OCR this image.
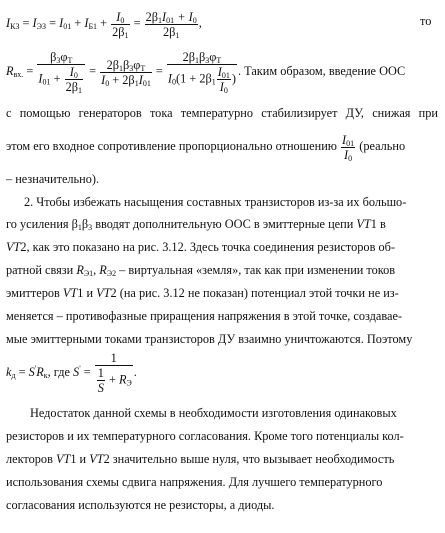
$I_{КЗ} = I_{ЭЗ} = I_{01} + I_{Б1} + \frac{I_0}{2\beta_1} = \frac{2\beta_1I_{01} + I_0}{2\beta_1}$ ,	то
$R_{вх.} = \frac{\beta_3\varphi_T}{I_{01} + \frac{I_0}{2\beta_1}} = \frac{2\beta_1\beta_3\varphi_T}{I_0 + 2\beta_1I_{01}} = \frac{2\beta_1\beta_3\varphi_T}{I_0(1 + 2\beta_1 \frac{I_{01}}{I_0} )}$ . Таким образом, введение ООС
с помощью генераторов тока температурно стабилизирует ДУ, снижая при
этом его входное сопротивление пропорционально отношению $\frac{I_{01}}{I_0}$ (реально
– незначительно).
2. Чтобы избежать насыщения составных транзисторов из-за их большо-
го усиления $\beta_1\beta_3$ вводят дополнительную ООС в эмиттерные цепи VT1 в
VT2, как это показано на рис. 3.12. Здесь точка соединения резисторов об-
ратной связи $R_{Э1}$, $R_{Э2}$ – виртуальная «земля», так как при изменении токов
эмиттеров VT1 и VT2 (на рис. 3.12 не показан) потенциал этой точки не из-
меняется – противофазные приращения напряжения в этой точке, создавае-
мые эмиттерными токами транзисторов ДУ взаимно уничтожаются. Поэтому
$k_д = S'R_к$, где $S' = \frac{1}{\frac{1}{S} + R_Э}$ .
Недостаток данной схемы в необходимости изготовления одинаковых
резисторов и их температурного согласования. Кроме того потенциалы кол-
лекторов VT1 и VT2 значительно выше нуля, что вызывает необходимость
использования схемы сдвига напряжения. Для лучшего температурного
согласования используются не резисторы, а диоды.
